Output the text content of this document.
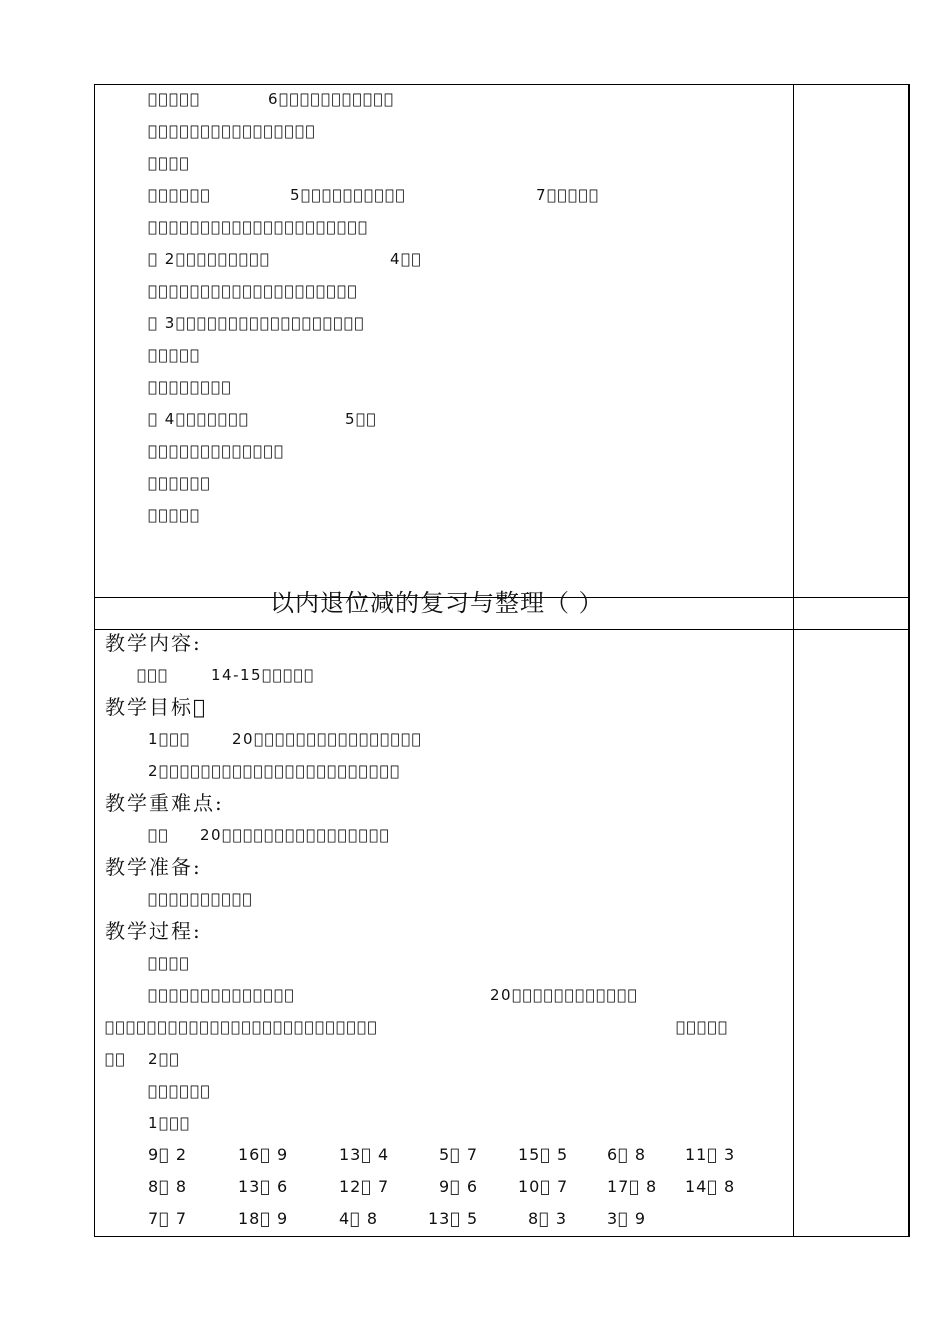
􏰀􏰀􏰀􏰀􏰀	6􏰀􏰀􏰀􏰀􏰀􏰀􏰀􏰀􏰀􏰀􏰀
􏰀􏰀􏰀􏰀􏰀􏰀􏰀􏰀􏰀􏰀􏰀􏰀􏰀􏰀􏰀􏰀
􏰀􏰀􏰀􏰀
􏰀􏰀􏰀􏰀􏰀􏰀	5􏰀􏰀􏰀􏰀􏰀􏰀􏰀􏰀􏰀􏰀	7􏰀􏰀􏰀􏰀􏰀
􏰀􏰀􏰀􏰀􏰀􏰀􏰀􏰀􏰀􏰀􏰀􏰀􏰀􏰀􏰀􏰀􏰀􏰀􏰀􏰀􏰀
􏰀 2􏰀􏰀􏰀􏰀􏰀􏰀􏰀􏰀􏰀	4􏰀􏰀
􏰀􏰀􏰀􏰀􏰀􏰀􏰀􏰀􏰀􏰀􏰀􏰀􏰀􏰀􏰀􏰀􏰀􏰀􏰀􏰀
􏰀 3􏰀􏰀􏰀􏰀􏰀􏰀􏰀􏰀􏰀􏰀􏰀􏰀􏰀􏰀􏰀􏰀􏰀􏰀
􏰀􏰀􏰀􏰀􏰀
􏰀􏰀􏰀􏰀􏰀􏰀􏰀􏰀
􏰀 4􏰀􏰀􏰀􏰀􏰀􏰀􏰀	5􏰀􏰀
􏰀􏰀􏰀􏰀􏰀􏰀􏰀􏰀􏰀􏰀􏰀􏰀􏰀
􏰀􏰀􏰀􏰀􏰀􏰀
􏰀􏰀􏰀􏰀􏰀
以内退位减的复习与整理（ ）
教学内容:
􏰀􏰀􏰀	14-15􏰀􏰀􏰀􏰀􏰀
教学目标􏰀
1􏰀􏰀􏰀	20􏰀􏰀􏰀􏰀􏰀􏰀􏰀􏰀􏰀􏰀􏰀􏰀􏰀􏰀􏰀􏰀
2􏰀􏰀􏰀􏰀􏰀􏰀􏰀􏰀􏰀􏰀􏰀􏰀􏰀􏰀􏰀􏰀􏰀􏰀􏰀􏰀􏰀􏰀􏰀
教学重难点:
􏰀􏰀 20􏰀􏰀􏰀􏰀􏰀􏰀􏰀􏰀􏰀􏰀􏰀􏰀􏰀􏰀􏰀􏰀
教学准备:
􏰀􏰀􏰀􏰀􏰀􏰀􏰀􏰀􏰀􏰀
教学过程:
􏰀􏰀􏰀􏰀
􏰀􏰀􏰀􏰀􏰀􏰀􏰀􏰀􏰀􏰀􏰀􏰀􏰀􏰀	20􏰀􏰀􏰀􏰀􏰀􏰀􏰀􏰀􏰀􏰀􏰀􏰀
􏰀􏰀􏰀􏰀􏰀􏰀􏰀􏰀􏰀􏰀􏰀􏰀􏰀􏰀􏰀􏰀􏰀􏰀􏰀􏰀􏰀􏰀􏰀􏰀􏰀􏰀	􏰀􏰀􏰀􏰀􏰀
􏰀􏰀 2􏰀􏰀
􏰀􏰀􏰀􏰀􏰀􏰀
1􏰀􏰀􏰀
9􏰀 2	16􏰀 9	13􏰀 4	5􏰀 7 15􏰀 5 6􏰀 8 11􏰀 3
8􏰀 8	13􏰀 6	12􏰀 7	9􏰀 6 10􏰀 7 17􏰀 8 14􏰀 8
7􏰀 7	18􏰀 9	4􏰀 8	13􏰀 5	8􏰀 3 3􏰀 9
